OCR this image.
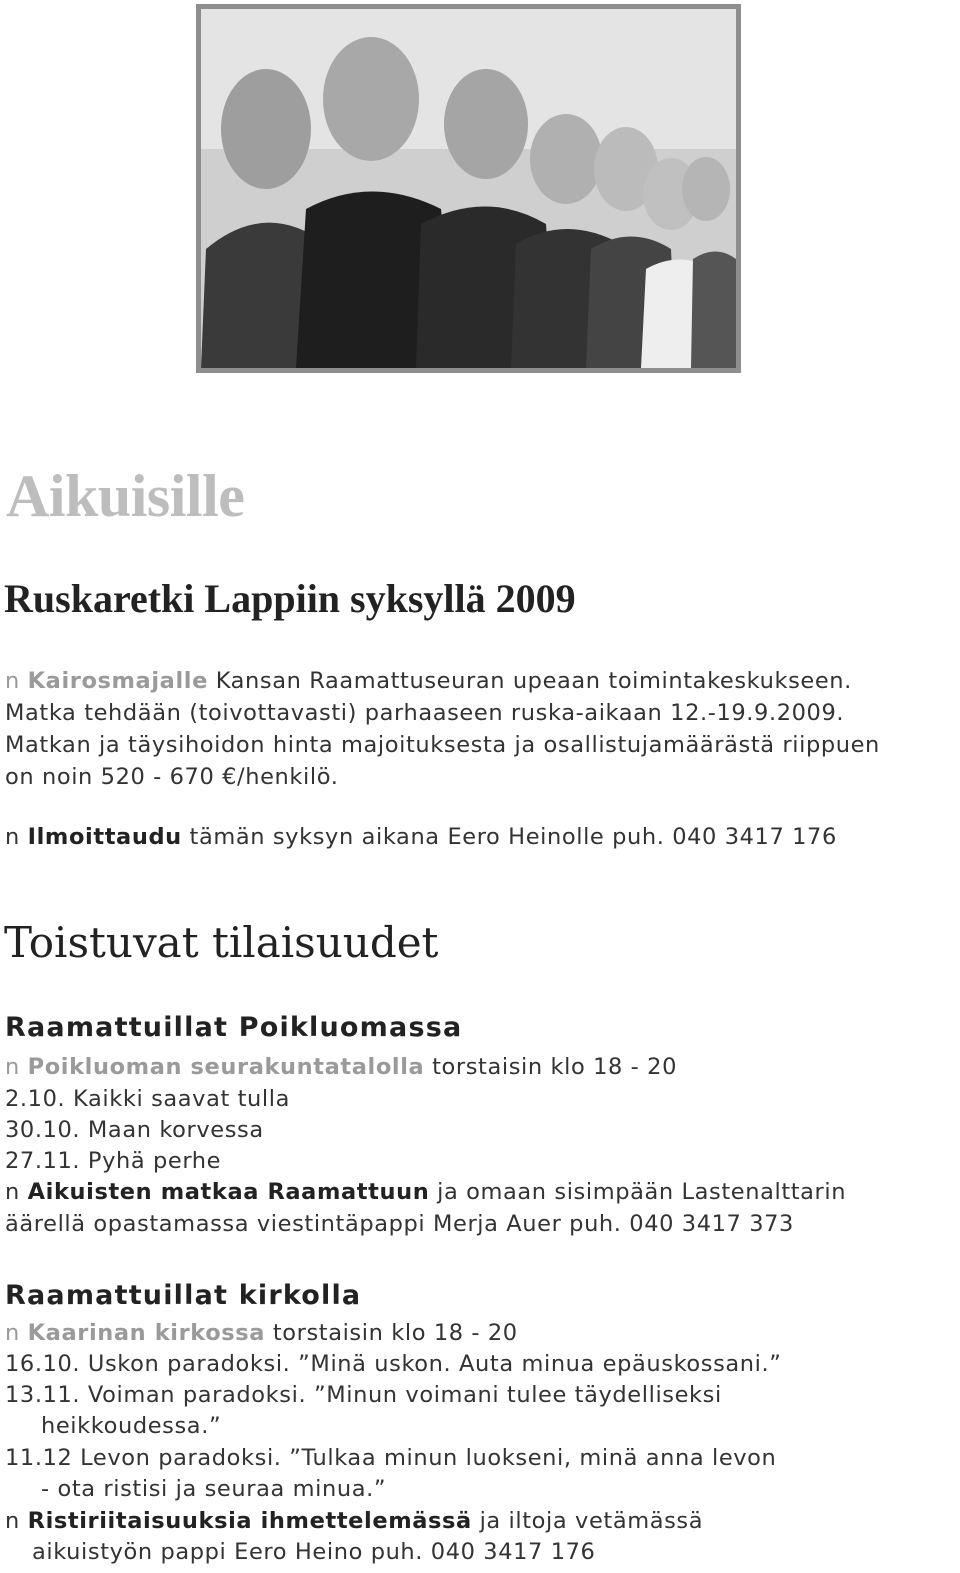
Aikuisille
Ruskaretki Lappiin syksyllä 2009
n Kairosmajalle Kansan Raamattuseuran upeaan toimintakeskukseen.
Matka tehdään (toivottavasti) parhaaseen ruska-aikaan 12.-19.9.2009.
Matkan ja täysihoidon hinta majoituksesta ja osallistujamäärästä riippuen
on noin 520 - 670 €/henkilö.
n Ilmoittaudu tämän syksyn aikana Eero Heinolle puh. 040 3417 176
Toistuvat tilaisuudet
Raamattuillat Poikluomassa
n Poikluoman seurakuntatalolla torstaisin klo 18 - 20
2.10. Kaikki saavat tulla
30.10. Maan korvessa
27.11. Pyhä perhe
n Aikuisten matkaa Raamattuun ja omaan sisimpään Lastenalttarin
äärellä opastamassa viestintäpappi Merja Auer puh. 040 3417 373
Raamattuillat kirkolla
n Kaarinan kirkossa torstaisin klo 18 - 20
16.10. Uskon paradoksi. ”Minä uskon. Auta minua epäuskossani.”
13.11. Voiman paradoksi. ”Minun voimani tulee täydelliseksi
heikkoudessa.”
11.12 Levon paradoksi. ”Tulkaa minun luokseni, minä anna levon
- ota ristisi ja seuraa minua.”
n Ristiriitaisuuksia ihmettelemässä ja iltoja vetämässä
aikuistyön pappi Eero Heino puh. 040 3417 176
